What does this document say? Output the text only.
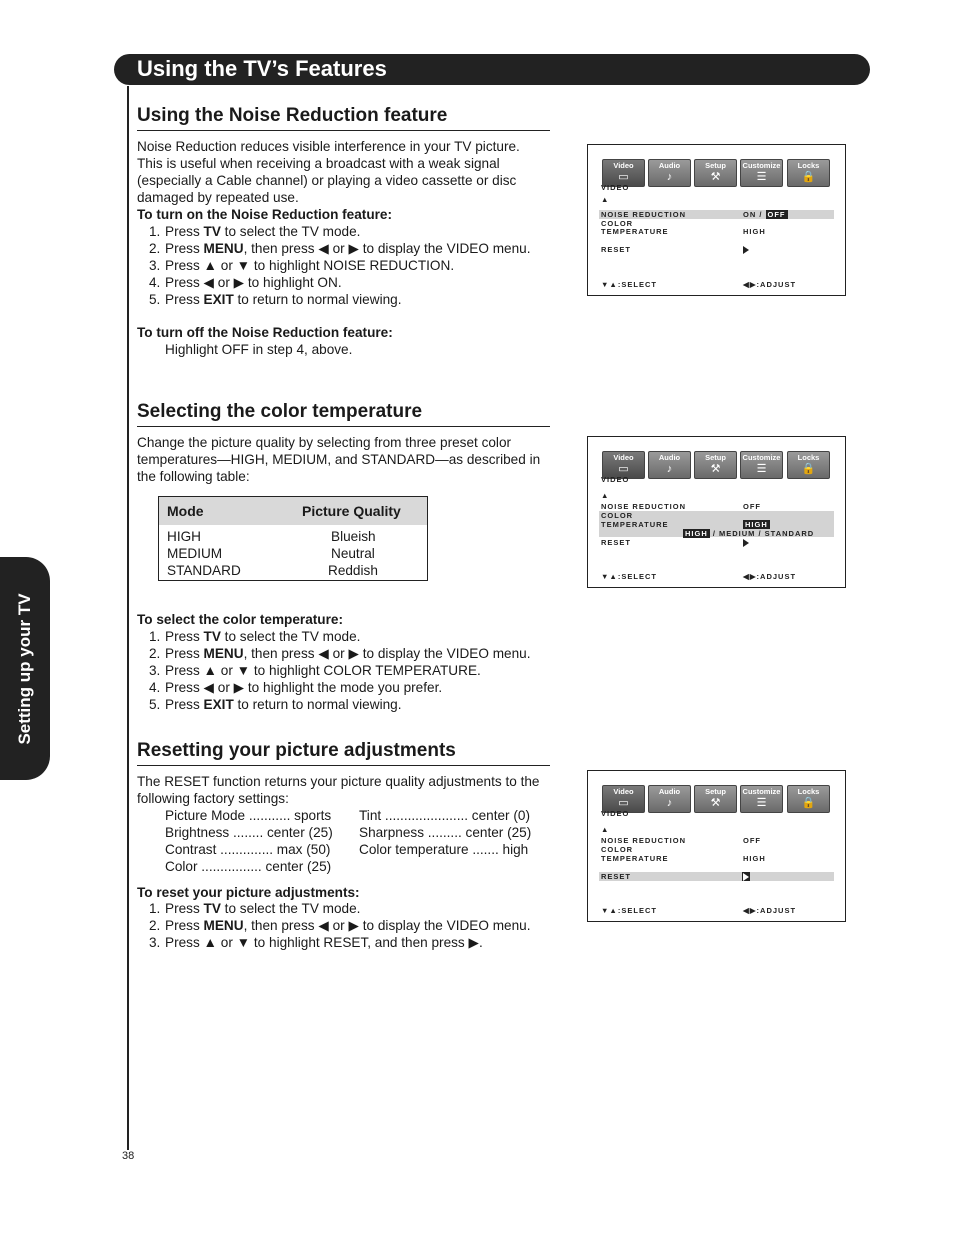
Using the TV’s Features
Setting up your TV
Using the Noise Reduction feature
Noise Reduction reduces visible interference in your TV picture.
This is useful when receiving a broadcast with a weak signal
(especially a Cable channel) or playing a video cassette or disc
damaged by repeated use.
To turn on the Noise Reduction feature:
1. Press TV to select the TV mode.
2. Press MENU, then press ◀ or ▶ to display the VIDEO menu.
3. Press ▲ or ▼ to highlight NOISE REDUCTION.
4. Press ◀ or ▶ to highlight ON.
5. Press EXIT to return to normal viewing.
To turn off the Noise Reduction feature:
Highlight OFF in step 4, above.
Video
▭
Audio
♪
Setup
⚒
Customize
☰
Locks
🔒
VIDEO
▲
NOISE REDUCTION	ON / OFF
COLOR
TEMPERATURE	HIGH
RESET
▼▲:SELECT	◀▶:ADJUST
Selecting the color temperature
Change the picture quality by selecting from three preset color
temperatures—HIGH, MEDIUM, and STANDARD—as described in
the following table:
Mode	Picture Quality
HIGH	Blueish
MEDIUM	Neutral
STANDARD	Reddish
To select the color temperature:
1. Press TV to select the TV mode.
2. Press MENU, then press ◀ or ▶ to display the VIDEO menu.
3. Press ▲ or ▼ to highlight COLOR TEMPERATURE.
4. Press ◀ or ▶ to highlight the mode you prefer.
5. Press EXIT to return to normal viewing.
Video
▭
Audio
♪
Setup
⚒
Customize
☰
Locks
🔒
VIDEO
▲
NOISE REDUCTION	OFF
COLOR
TEMPERATURE	HIGH
HIGH / MEDIUM / STANDARD
RESET
▼▲:SELECT	◀▶:ADJUST
Resetting your picture adjustments
The RESET function returns your picture quality adjustments to the
following factory settings:
Picture Mode ........... sports
Brightness ........ center (25)
Contrast .............. max (50)
Color ................ center (25)
Tint ...................... center (0)
Sharpness ......... center (25)
Color temperature ....... high
To reset your picture adjustments:
1. Press TV to select the TV mode.
2. Press MENU, then press ◀ or ▶ to display the VIDEO menu.
3. Press ▲ or ▼ to highlight RESET, and then press ▶.
Video
▭
Audio
♪
Setup
⚒
Customize
☰
Locks
🔒
VIDEO
▲
NOISE REDUCTION	OFF
COLOR
TEMPERATURE	HIGH
RESET
▼▲:SELECT	◀▶:ADJUST
38
